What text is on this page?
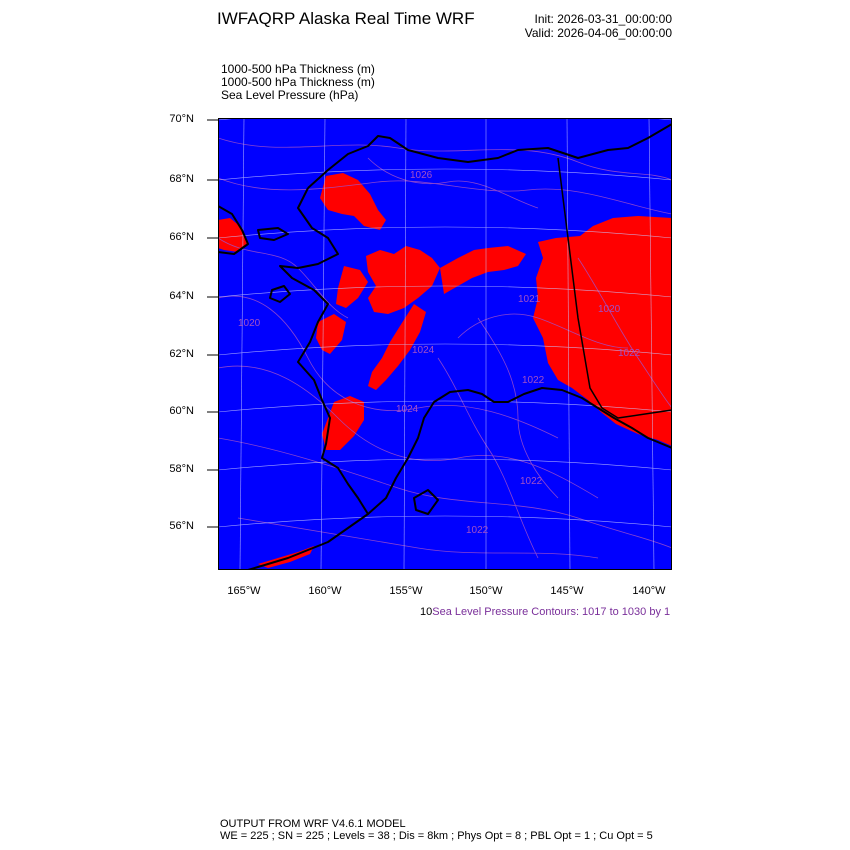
IWFAQRP Alaska Real Time WRF	Init: 2026-03-31_00:00:00
Valid: 2026-04-06_00:00:00
1000-500 hPa Thickness (m)
1000-500 hPa Thickness (m)
Sea Level Pressure (hPa)
70°N
68°N
66°N
64°N
62°N
60°N
58°N
56°N
165°W	160°W	155°W	150°W	145°W	140°W
1026
1024
1022
1021
1020
1022
1022
1024
1022
1020
10Sea Level Pressure Contours: 1017 to 1030 by 1
OUTPUT FROM WRF V4.6.1 MODEL
WE = 225 ; SN = 225 ; Levels = 38 ; Dis = 8km ; Phys Opt = 8 ; PBL Opt = 1 ; Cu Opt = 5
